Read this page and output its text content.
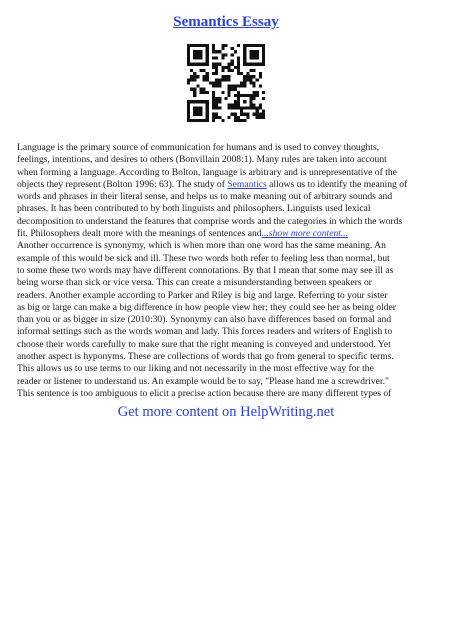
Semantics Essay
Language is the primary source of communication for humans and is used to convey thoughts,
feelings, intentions, and desires to others (Bonvillain 2008:1). Many rules are taken into account
when forming a language. According to Bolton, language is arbitrary and is unrepresentative of the
objects they represent (Bolton 1996: 63). The study of Semantics allows us to identify the meaning of
words and phrases in their literal sense, and helps us to make meaning out of arbitrary sounds and
phrases. It has been contributed to by both linguists and philosophers. Linguists used lexical
decomposition to understand the features that comprise words and the categories in which the words
fit. Philosophers dealt more with the meanings of sentences and...show more content...
Another occurrence is synonymy, which is when more than one word has the same meaning. An
example of this would be sick and ill. These two words both refer to feeling less than normal, but
to some these two words may have different connotations. By that I mean that some may see ill as
being worse than sick or vice versa. This can create a misunderstanding between speakers or
readers. Another example according to Parker and Riley is big and large. Referring to your sister
as big or large can make a big difference in how people view her; they could see her as being older
than you or as bigger in size (2010:30). Synonymy can also have differences based on formal and
informal settings such as the words woman and lady. This forces readers and writers of English to
choose their words carefully to make sure that the right meaning is conveyed and understood. Yet
another aspect is hyponyms. These are collections of words that go from general to specific terms.
This allows us to use terms to our liking and not necessarily in the most effective way for the
reader or listener to understand us. An example would be to say, "Please hand me a screwdriver."
This sentence is too ambiguous to elicit a precise action because there are many different types of
Get more content on HelpWriting.net
